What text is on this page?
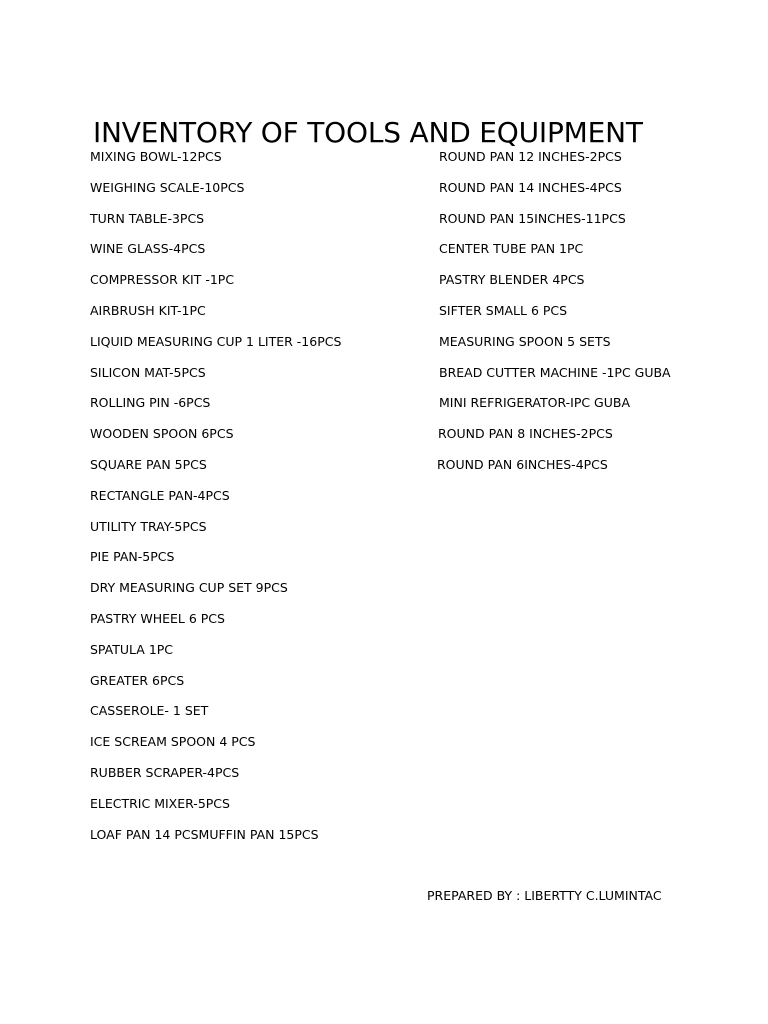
INVENTORY OF TOOLS AND EQUIPMENT
MIXING BOWL-12PCS
WEIGHING SCALE-10PCS
TURN TABLE-3PCS
WINE GLASS-4PCS
COMPRESSOR KIT -1PC
AIRBRUSH KIT-1PC
LIQUID MEASURING CUP 1 LITER -16PCS
SILICON MAT-5PCS
ROLLING PIN -6PCS
WOODEN SPOON 6PCS
SQUARE PAN 5PCS
RECTANGLE PAN-4PCS
UTILITY TRAY-5PCS
PIE PAN-5PCS
DRY MEASURING CUP SET 9PCS
PASTRY WHEEL 6 PCS
SPATULA 1PC
GREATER 6PCS
CASSEROLE- 1 SET
ICE SCREAM SPOON 4 PCS
RUBBER SCRAPER-4PCS
ELECTRIC MIXER-5PCS
LOAF PAN 14 PCSMUFFIN PAN 15PCS
ROUND PAN 12 INCHES-2PCS
ROUND PAN 14 INCHES-4PCS
ROUND PAN 15INCHES-11PCS
CENTER TUBE PAN 1PC
PASTRY BLENDER 4PCS
SIFTER SMALL 6 PCS
MEASURING SPOON 5 SETS
BREAD CUTTER MACHINE -1PC GUBA
MINI REFRIGERATOR-IPC GUBA
ROUND PAN 8 INCHES-2PCS
ROUND PAN 6INCHES-4PCS
PREPARED BY : LIBERTTY C.LUMINTAC
